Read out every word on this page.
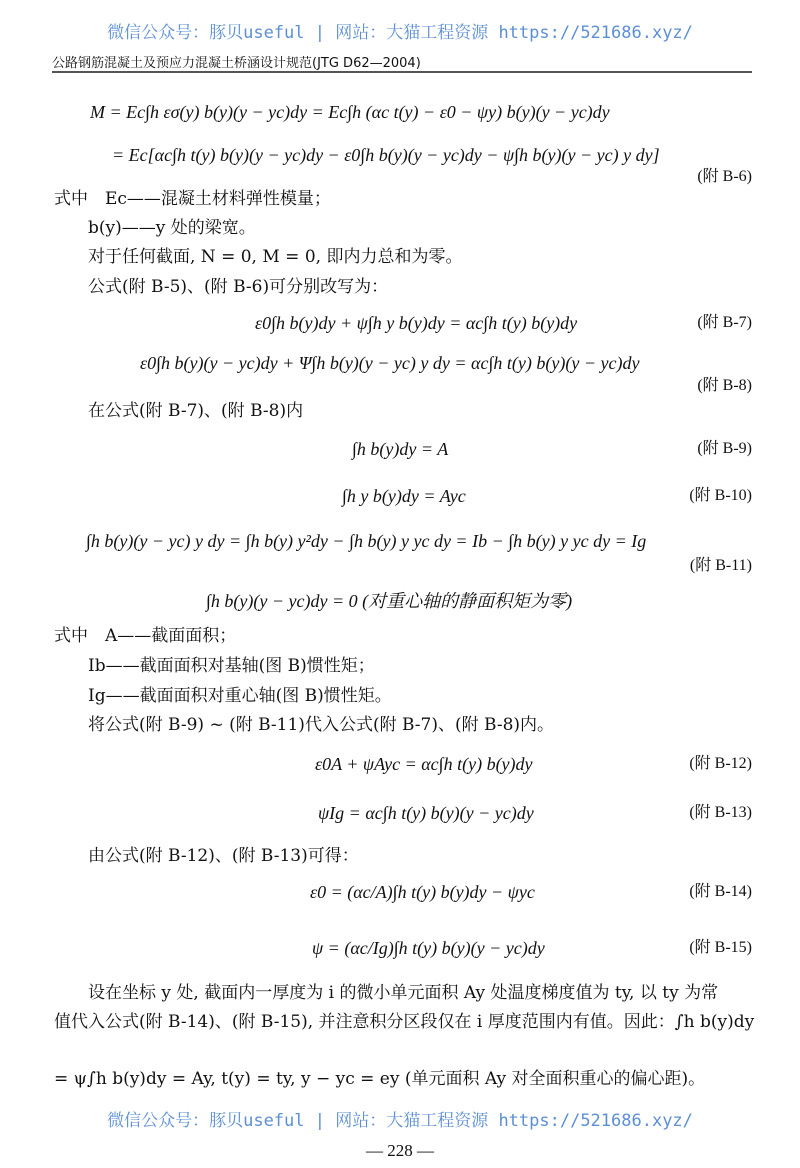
微信公众号：豚贝useful | 网站：大猫工程资源 https://521686.xyz/
公路钢筋混凝土及预应力混凝土桥涵设计规范(JTG D62—2004)
M = Ec∫h εσ(y) b(y)(y − yc)dy = Ec∫h (αc t(y) − ε0 − ψy) b(y)(y − yc)dy
= Ec[αc∫h t(y) b(y)(y − yc)dy − ε0∫h b(y)(y − yc)dy − ψ∫h b(y)(y − yc) y dy]
(附 B-6)
式中　Ec——混凝土材料弹性模量；
b(y)——y 处的梁宽。
对于任何截面, N = 0, M = 0, 即内力总和为零。
公式(附 B-5)、(附 B-6)可分别改写为：
ε0∫h b(y)dy + ψ∫h y b(y)dy = αc∫h t(y) b(y)dy	(附 B-7)
ε0∫h b(y)(y − yc)dy + Ψ∫h b(y)(y − yc) y dy = αc∫h t(y) b(y)(y − yc)dy
(附 B-8)
在公式(附 B-7)、(附 B-8)内
∫h b(y)dy = A	(附 B-9)
∫h y b(y)dy = Ayc	(附 B-10)
∫h b(y)(y − yc) y dy = ∫h b(y) y²dy − ∫h b(y) y yc dy = Ib − ∫h b(y) y yc dy = Ig
(附 B-11)
∫h b(y)(y − yc)dy = 0 (对重心轴的静面积矩为零)
式中　A——截面面积；
Ib——截面面积对基轴(图 B)惯性矩；
Ig——截面面积对重心轴(图 B)惯性矩。
将公式(附 B-9) ~ (附 B-11)代入公式(附 B-7)、(附 B-8)内。
ε0A + ψAyc = αc∫h t(y) b(y)dy	(附 B-12)
ψIg = αc∫h t(y) b(y)(y − yc)dy	(附 B-13)
由公式(附 B-12)、(附 B-13)可得：
ε0 = (αc/A)∫h t(y) b(y)dy − ψyc	(附 B-14)
ψ = (αc/Ig)∫h t(y) b(y)(y − yc)dy	(附 B-15)
设在坐标 y 处, 截面内一厚度为 i 的微小单元面积 Ay 处温度梯度值为 ty, 以 ty 为常
值代入公式(附 B-14)、(附 B-15), 并注意积分区段仅在 i 厚度范围内有值。因此：∫h b(y)dy
= ψ∫h b(y)dy = Ay, t(y) = ty, y − yc = ey (单元面积 Ay 对全面积重心的偏心距)。
微信公众号：豚贝useful | 网站：大猫工程资源 https://521686.xyz/
— 228 —
